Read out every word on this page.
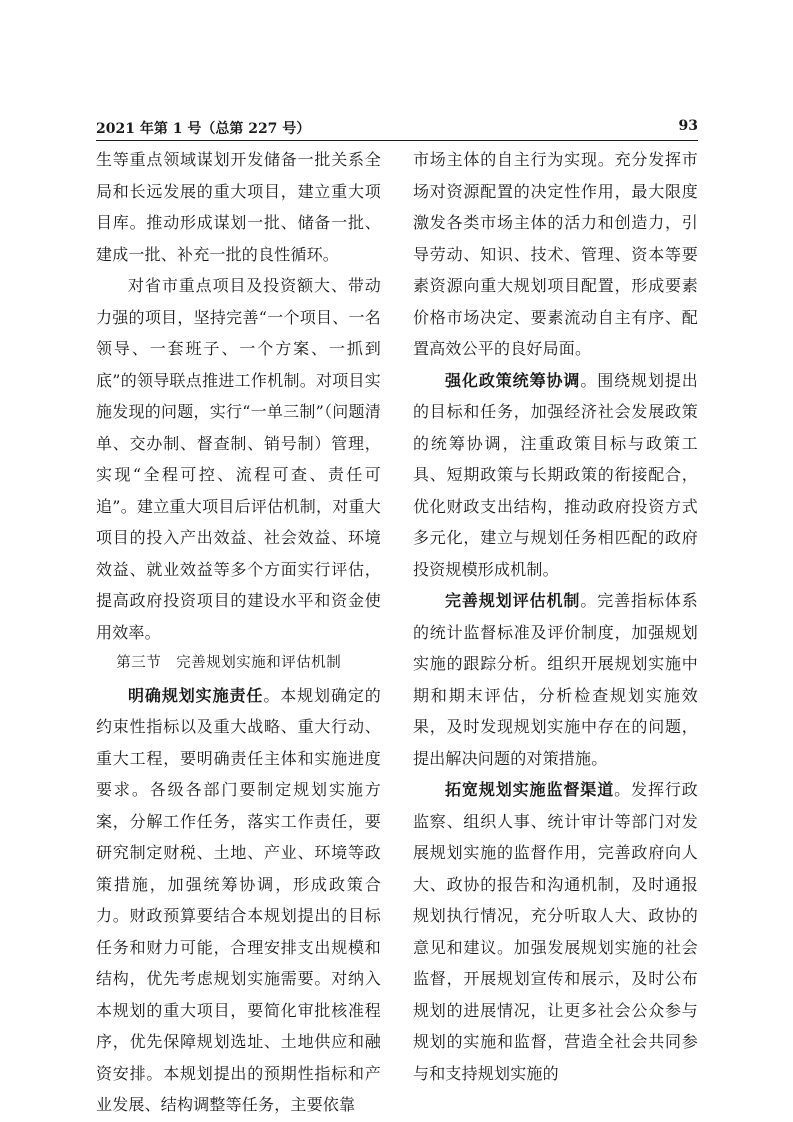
2021 年第 1 号（总第 227 号）	93

生等重点领域谋划开发储备一批关系全局和长远发展的重大项目，建立重大项目库。推动形成谋划一批、储备一批、建成一批、补充一批的良性循环。

对省市重点项目及投资额大、带动力强的项目，坚持完善“一个项目、一名领导、一套班子、一个方案、一抓到底”的领导联点推进工作机制。对项目实施发现的问题，实行“一单三制”（问题清单、交办制、督查制、销号制）管理，实现“全程可控、流程可查、责任可追”。建立重大项目后评估机制，对重大项目的投入产出效益、社会效益、环境效益、就业效益等多个方面实行评估，提高政府投资项目的建设水平和资金使用效率。

第三节　完善规划实施和评估机制

明确规划实施责任。本规划确定的约束性指标以及重大战略、重大行动、重大工程，要明确责任主体和实施进度要求。各级各部门要制定规划实施方案，分解工作任务，落实工作责任，要研究制定财税、土地、产业、环境等政策措施，加强统筹协调，形成政策合力。财政预算要结合本规划提出的目标任务和财力可能，合理安排支出规模和结构，优先考虑规划实施需要。对纳入本规划的重大项目，要简化审批核准程序，优先保障规划选址、土地供应和融资安排。本规划提出的预期性指标和产业发展、结构调整等任务，主要依靠

市场主体的自主行为实现。充分发挥市场对资源配置的决定性作用，最大限度激发各类市场主体的活力和创造力，引导劳动、知识、技术、管理、资本等要素资源向重大规划项目配置，形成要素价格市场决定、要素流动自主有序、配置高效公平的良好局面。

强化政策统筹协调。围绕规划提出的目标和任务，加强经济社会发展政策的统筹协调，注重政策目标与政策工具、短期政策与长期政策的衔接配合，优化财政支出结构，推动政府投资方式多元化，建立与规划任务相匹配的政府投资规模形成机制。

完善规划评估机制。完善指标体系的统计监督标准及评价制度，加强规划实施的跟踪分析。组织开展规划实施中期和期末评估，分析检查规划实施效果，及时发现规划实施中存在的问题，提出解决问题的对策措施。

拓宽规划实施监督渠道。发挥行政监察、组织人事、统计审计等部门对发展规划实施的监督作用，完善政府向人大、政协的报告和沟通机制，及时通报规划执行情况，充分听取人大、政协的意见和建议。加强发展规划实施的社会监督，开展规划宣传和展示，及时公布规划的进展情况，让更多社会公众参与规划的实施和监督，营造全社会共同参与和支持规划实施的
